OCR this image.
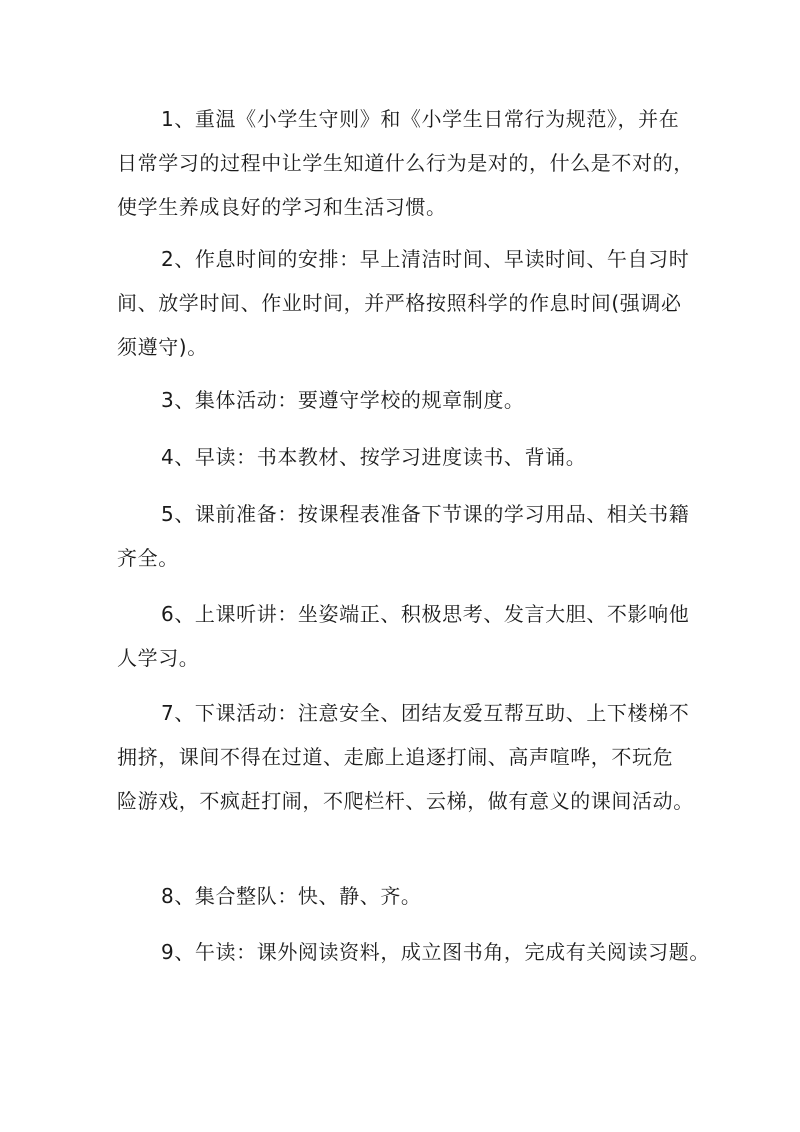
1、重温《小学生守则》和《小学生日常行为规范》，并在
日常学习的过程中让学生知道什么行为是对的，什么是不对的，
使学生养成良好的学习和生活习惯。
2、作息时间的安排：早上清洁时间、早读时间、午自习时
间、放学时间、作业时间，并严格按照科学的作息时间(强调必
须遵守)。
3、集体活动：要遵守学校的规章制度。
4、早读：书本教材、按学习进度读书、背诵。
5、课前准备：按课程表准备下节课的学习用品、相关书籍
齐全。
6、上课听讲：坐姿端正、积极思考、发言大胆、不影响他
人学习。
7、下课活动：注意安全、团结友爱互帮互助、上下楼梯不
拥挤，课间不得在过道、走廊上追逐打闹、高声喧哗，不玩危
险游戏，不疯赶打闹，不爬栏杆、云梯，做有意义的课间活动。
8、集合整队：快、静、齐。
9、午读：课外阅读资料，成立图书角，完成有关阅读习题。
